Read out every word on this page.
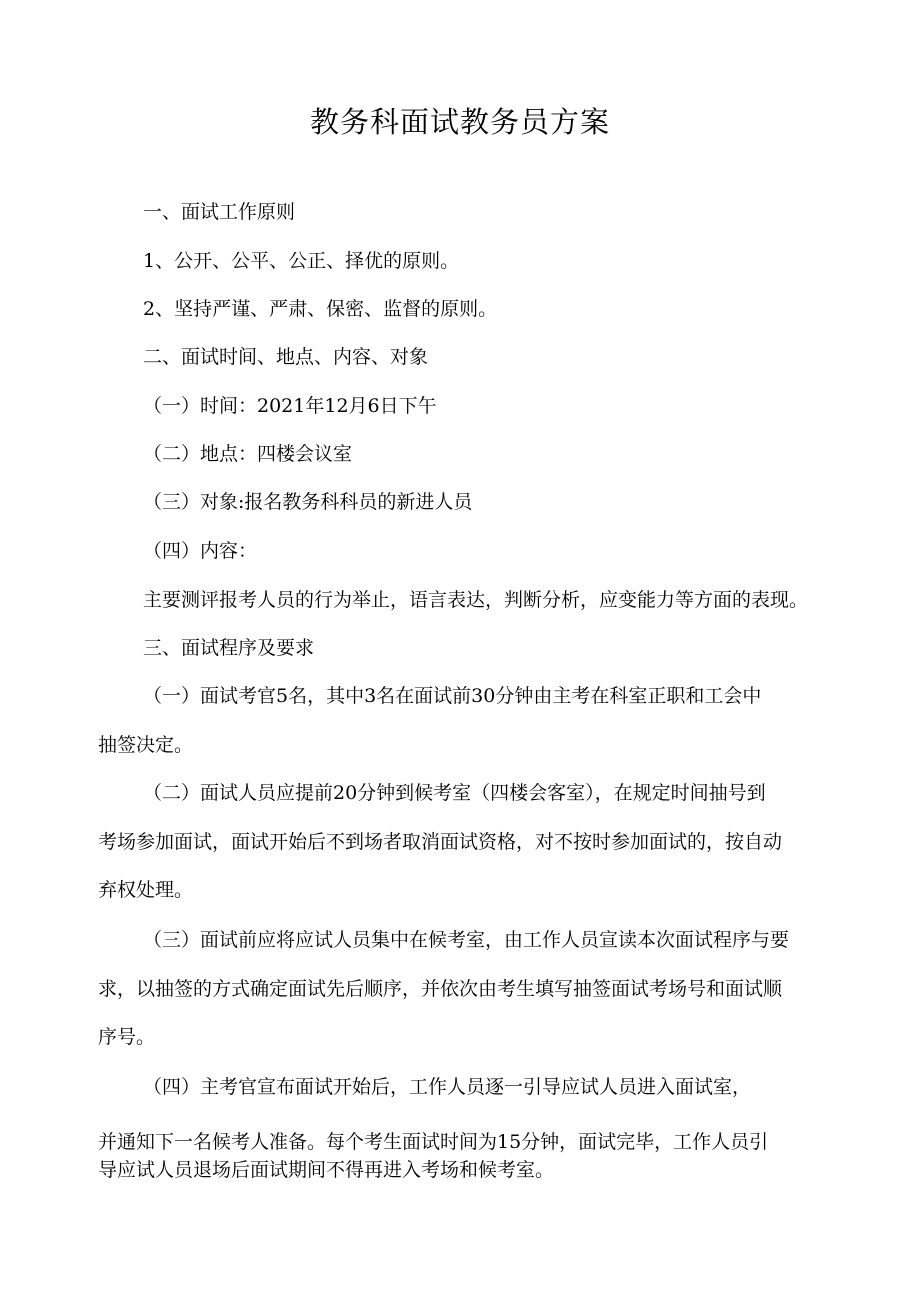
教务科面试教务员方案
一、面试工作原则
1、公开、公平、公正、择优的原则。
2、坚持严谨、严肃、保密、监督的原则。
二、面试时间、地点、内容、对象
（一）时间：2021年12月6日下午
（二）地点：四楼会议室
（三）对象:报名教务科科员的新进人员
（四）内容：
主要测评报考人员的行为举止，语言表达，判断分析，应变能力等方面的表现。
三、面试程序及要求
（一）面试考官5名，其中3名在面试前30分钟由主考在科室正职和工会中
抽签决定。
（二）面试人员应提前20分钟到候考室（四楼会客室），在规定时间抽号到
考场参加面试，面试开始后不到场者取消面试资格，对不按时参加面试的，按自动
弃权处理。
（三）面试前应将应试人员集中在候考室，由工作人员宣读本次面试程序与要
求，以抽签的方式确定面试先后顺序，并依次由考生填写抽签面试考场号和面试顺
序号。
（四）主考官宣布面试开始后，工作人员逐一引导应试人员进入面试室，
并通知下一名候考人准备。每个考生面试时间为15分钟，面试完毕，工作人员引
导应试人员退场后面试期间不得再进入考场和候考室。
